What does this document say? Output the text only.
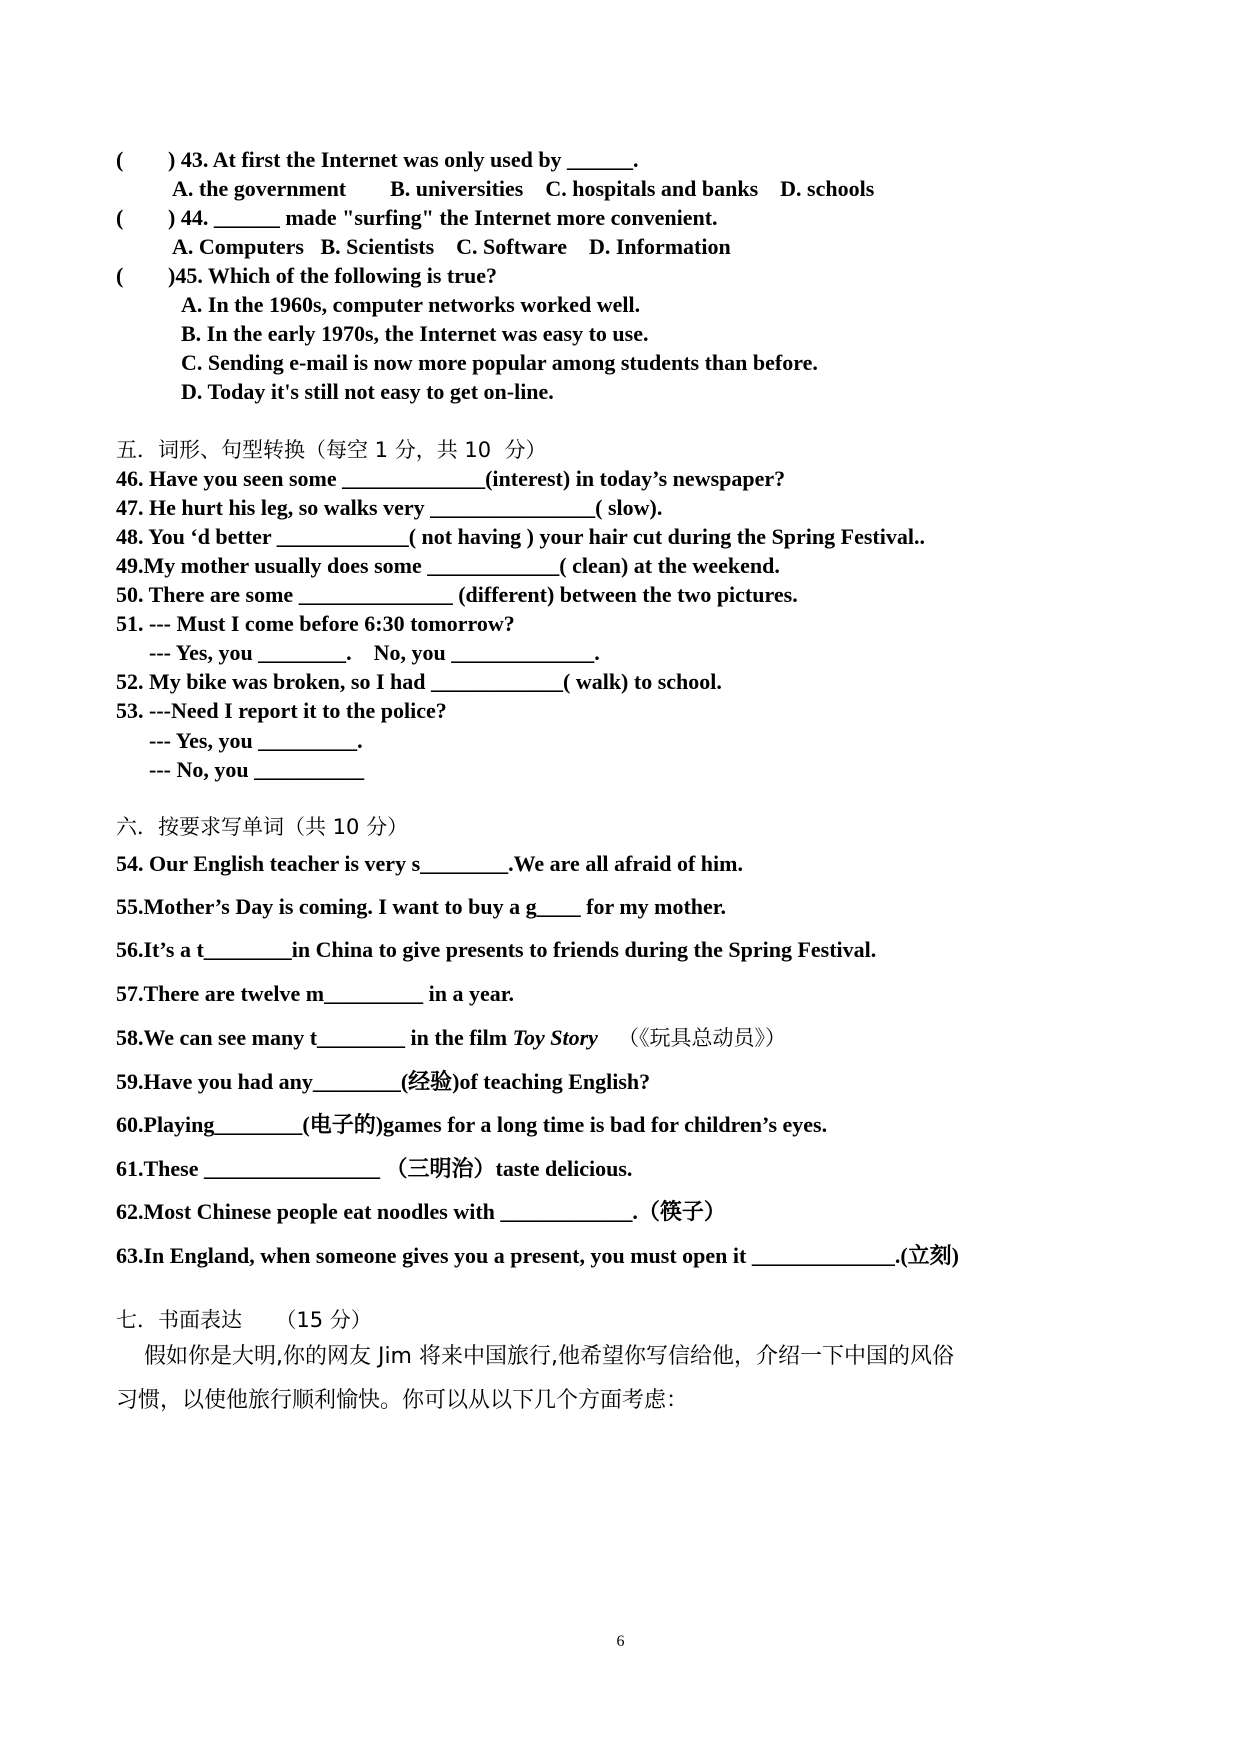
( ) 43. At first the Internet was only used by ______.
A. the government        B. universities    C. hospitals and banks    D. schools
( ) 44. ______ made "surfing" the Internet more convenient.
A. Computers   B. Scientists    C. Software    D. Information
( )45. Which of the following is true?
A. In the 1960s, computer networks worked well.
B. In the early 1970s, the Internet was easy to use.
C. Sending e-mail is now more popular among students than before.
D. Today it's still not easy to get on-line.
五．词形、句型转换（每空 1 分，共 10  分）
46. Have you seen some _____________(interest) in today’s newspaper?
47. He hurt his leg, so walks very _______________( slow).
48. You ‘d better ____________( not having ) your hair cut during the Spring Festival..
49.My mother usually does some ____________( clean) at the weekend.
50. There are some ______________ (different) between the two pictures.
51. --- Must I come before 6:30 tomorrow?
--- Yes, you ________.    No, you _____________.
52. My bike was broken, so I had ____________( walk) to school.
53. ---Need I report it to the police?
--- Yes, you _________.
--- No, you __________
六．按要求写单词（共 10 分）
54. Our English teacher is very s________.We are all afraid of him.
55.Mother’s Day is coming. I want to buy a g____ for my mother.
56.It’s a t________in China to give presents to friends during the Spring Festival.
57.There are twelve m_________ in a year.
58.We can see many t________ in the film Toy Story   （《玩具总动员》）
59.Have you had any________(经验)of teaching English?
60.Playing________(电子的)games for a long time is bad for children’s eyes.
61.These ________________ （三明治）taste delicious.
62.Most Chinese people eat noodles with ____________.（筷子）
63.In England, when someone gives you a present, you must open it _____________.(立刻)
七．书面表达     （15 分）
假如你是大明,你的网友 Jim 将来中国旅行,他希望你写信给他，介绍一下中国的风俗
习惯，以使他旅行顺利愉快。你可以从以下几个方面考虑：
6
